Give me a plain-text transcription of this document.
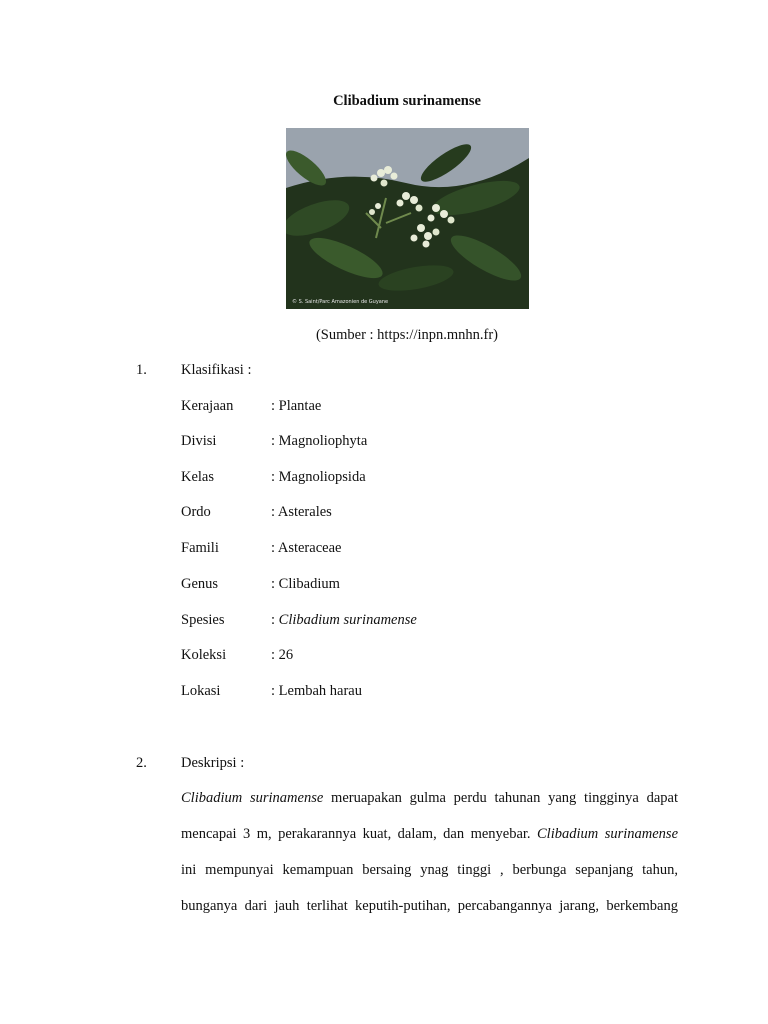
Clibadium surinamense
© S. Saint/Parc Amazonien de Guyane
(Sumber : https://inpn.mnhn.fr)
1. Klasifikasi :
Kerajaan	: Plantae
Divisi	: Magnoliophyta
Kelas	: Magnoliopsida
Ordo	: Asterales
Famili	: Asteraceae
Genus	: Clibadium
Spesies	: Clibadium surinamense
Koleksi	: 26
Lokasi	: Lembah harau
2. Deskripsi :
Clibadium surinamense meruapakan gulma perdu tahunan yang tingginya dapat
mencapai 3 m, perakarannya kuat, dalam, dan menyebar. Clibadium surinamense
ini mempunyai kemampuan bersaing ynag tinggi , berbunga sepanjang tahun,
bunganya dari jauh terlihat keputih-putihan, percabangannya jarang, berkembang
